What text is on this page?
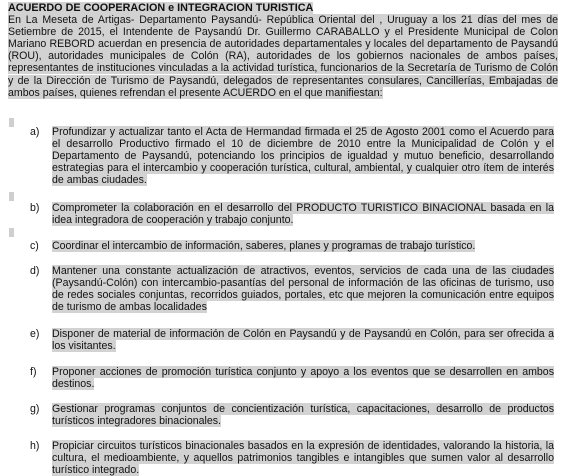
ACUERDO DE COOPERACION e INTEGRACION TURISTICA

En La Meseta de Artigas- Departamento Paysandú- República Oriental del , Uruguay a los 21 días del mes de Setiembre de 2015, el Intendente de Paysandú Dr. Guillermo CARABALLO y el Presidente Municipal de Colon Mariano REBORD acuerdan en presencia de autoridades departamentales y locales del departamento de Paysandú (ROU), autoridades municipales de Colón (RA), autoridades de los gobiernos nacionales de ambos países, representantes de instituciones vinculadas a la actividad turística, funcionarios de la Secretaría de Turismo de Colón y de la Dirección de Turismo de Paysandú, delegados de representantes consulares, Cancillerías, Embajadas de ambos países, quienes refrendan el presente ACUERDO en el que manifiestan:

a)	Profundizar y actualizar tanto el Acta de Hermandad firmada el 25 de Agosto 2001 como el Acuerdo para el desarrollo Productivo firmado el 10 de diciembre de 2010 entre la Municipalidad de Colón y el Departamento de Paysandú, potenciando los principios de igualdad y mutuo beneficio, desarrollando estrategias para el intercambio y cooperación turística, cultural, ambiental, y cualquier otro ítem de interés de ambas ciudades.
b)	Comprometer la colaboración en el desarrollo del PRODUCTO TURISTICO BINACIONAL basada en la idea integradora de cooperación y trabajo conjunto.
c)	Coordinar el intercambio de información, saberes, planes y programas de trabajo turístico.
d)	Mantener una constante actualización de atractivos, eventos, servicios de cada una de las ciudades (Paysandú-Colón) con intercambio-pasantías del personal de información de las oficinas de turismo, uso de redes sociales conjuntas, recorridos guiados, portales, etc que mejoren la comunicación entre equipos de turismo de ambas localidades
e)	Disponer de material de información de Colón en Paysandú y de Paysandú en Colón, para ser ofrecida a los visitantes.
f)	Proponer acciones de promoción turística conjunto y apoyo a los eventos que se desarrollen en ambos destinos.
g)	Gestionar programas conjuntos de concientización turística, capacitaciones, desarrollo de productos turísticos integradores binacionales.
h)	Propiciar circuitos turísticos binacionales basados en la expresión de identidades, valorando la historia, la cultura, el medioambiente, y aquellos patrimonios tangibles e intangibles que sumen valor al desarrollo turístico integrado.
